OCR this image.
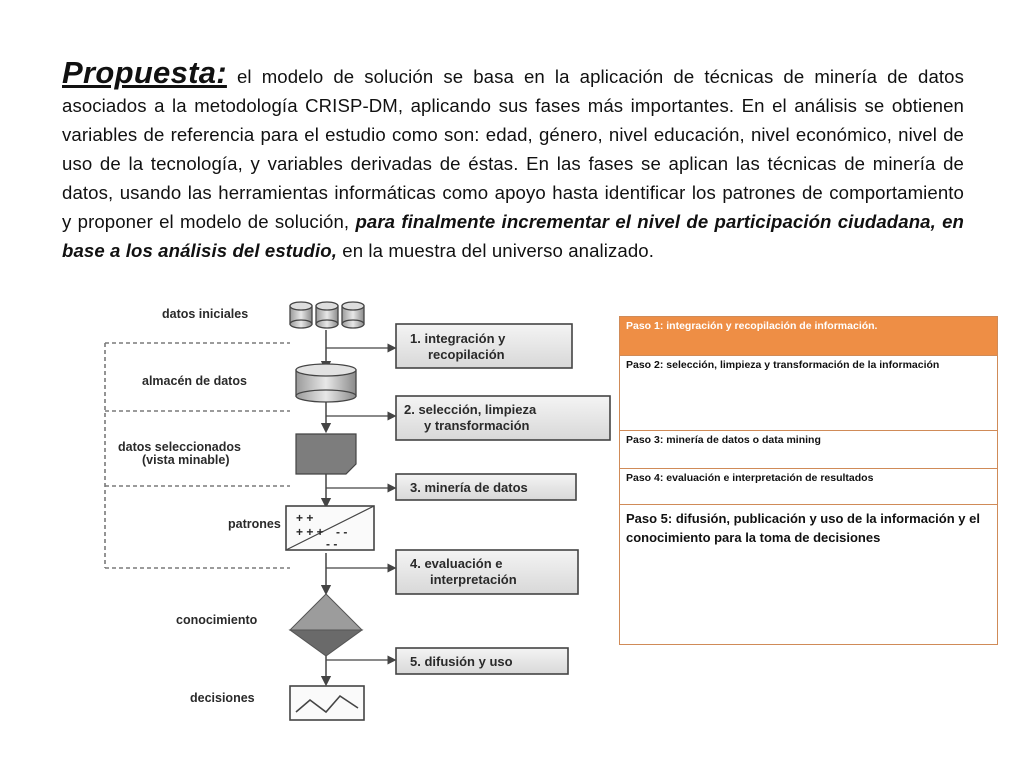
Propuesta: el modelo de solución se basa en la aplicación de técnicas de minería de datos asociados a la metodología CRISP-DM, aplicando sus fases más importantes. En el análisis se obtienen variables de referencia para el estudio como son: edad, género, nivel educación, nivel económico, nivel de uso de la tecnología, y variables derivadas de éstas. En las fases se aplican las técnicas de minería de datos, usando las herramientas informáticas como apoyo hasta identificar los patrones de comportamiento y proponer el modelo de solución, para finalmente incrementar el nivel de participación ciudadana, en base a los análisis del estudio, en la muestra del universo analizado.
datos iniciales
almacén de datos
datos seleccionados
(vista minable)
patrones
conocimiento
decisiones
+ +
+ + + - -
- -
1. integración y
recopilación
2. selección, limpieza
y transformación
3. minería de datos
4. evaluación e
interpretación
5. difusión y uso
Paso 1: integración y recopilación de información.
Paso 2: selección, limpieza y transformación de la información
Paso 3: minería de datos o data mining
Paso 4: evaluación e interpretación de resultados
Paso 5: difusión, publicación y uso de la información y el conocimiento para la toma de decisiones
